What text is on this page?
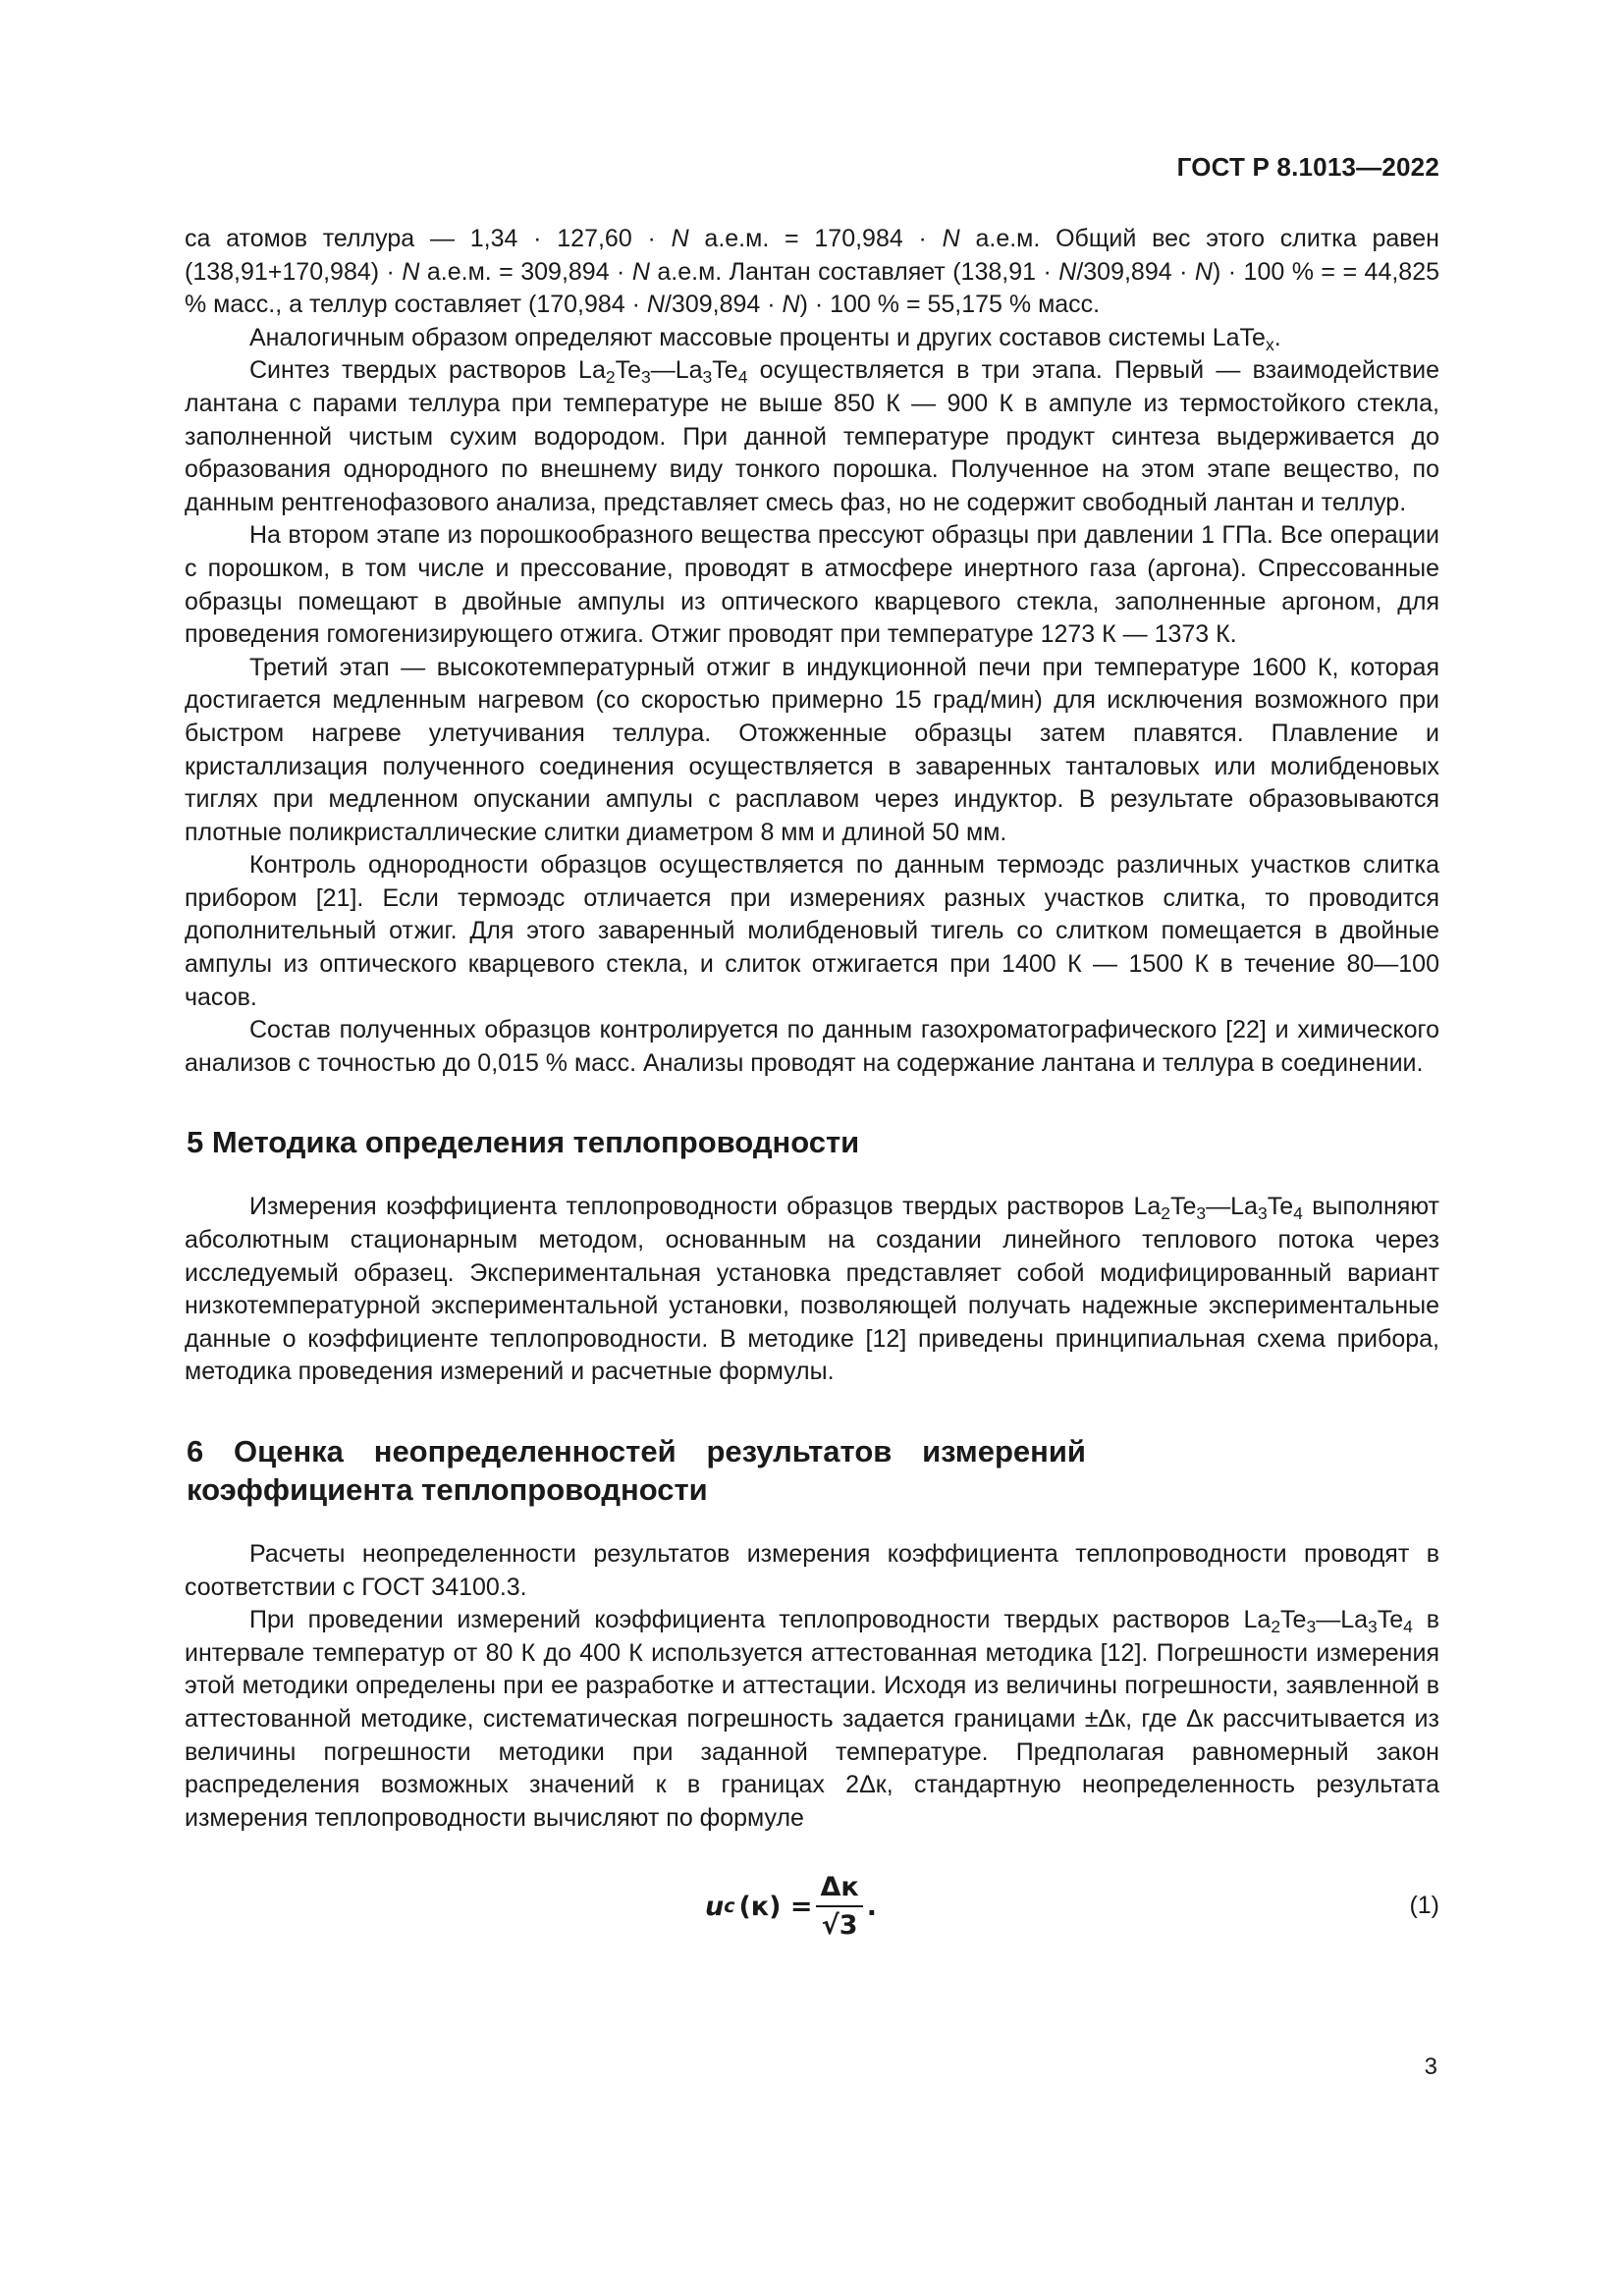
ГОСТ Р 8.1013—2022

са атомов теллура — 1,34 · 127,60 · N а.е.м. = 170,984 · N а.е.м. Общий вес этого слитка равен (138,91+170,984) · N а.е.м. = 309,894 · N а.е.м. Лантан составляет (138,91 · N/309,894 · N) · 100 % = = 44,825 % масс., а теллур составляет (170,984 · N/309,894 · N) · 100 % = 55,175 % масс.

Аналогичным образом определяют массовые проценты и других составов системы LaTe$_x$.

Синтез твердых растворов $La_2Te_3—La_3Te_4$ осуществляется в три этапа. Первый — взаимодействие лантана с парами теллура при температуре не выше 850 К — 900 К в ампуле из термостойкого стекла, заполненной чистым сухим водородом. При данной температуре продукт синтеза выдерживается до образования однородного по внешнему виду тонкого порошка. Полученное на этом этапе вещество, по данным рентгенофазового анализа, представляет смесь фаз, но не содержит свободный лантан и теллур.

На втором этапе из порошкообразного вещества прессуют образцы при давлении 1 ГПа. Все операции с порошком, в том числе и прессование, проводят в атмосфере инертного газа (аргона). Спрессованные образцы помещают в двойные ампулы из оптического кварцевого стекла, заполненные аргоном, для проведения гомогенизирующего отжига. Отжиг проводят при температуре 1273 К — 1373 К.

Третий этап — высокотемпературный отжиг в индукционной печи при температуре 1600 К, которая достигается медленным нагревом (со скоростью примерно 15 град/мин) для исключения возможного при быстром нагреве улетучивания теллура. Отожженные образцы затем плавятся. Плавление и кристаллизация полученного соединения осуществляется в заваренных танталовых или молибденовых тиглях при медленном опускании ампулы с расплавом через индуктор. В результате образовываются плотные поликристаллические слитки диаметром 8 мм и длиной 50 мм.

Контроль однородности образцов осуществляется по данным термоэдс различных участков слитка прибором [21]. Если термоэдс отличается при измерениях разных участков слитка, то проводится дополнительный отжиг. Для этого заваренный молибденовый тигель со слитком помещается в двойные ампулы из оптического кварцевого стекла, и слиток отжигается при 1400 К — 1500 К в течение 80—100 часов.

Состав полученных образцов контролируется по данным газохроматографического [22] и химического анализов с точностью до 0,015 % масс. Анализы проводят на содержание лантана и теллура в соединении.

5 Методика определения теплопроводности

Измерения коэффициента теплопроводности образцов твердых растворов $La_2Te_3—La_3Te_4$ выполняют абсолютным стационарным методом, основанным на создании линейного теплового потока через исследуемый образец. Экспериментальная установка представляет собой модифицированный вариант низкотемпературной экспериментальной установки, позволяющей получать надежные экспериментальные данные о коэффициенте теплопроводности. В методике [12] приведены принципиальная схема прибора, методика проведения измерений и расчетные формулы.

6 Оценка неопределенностей результатов измерений коэффициента теплопроводности

Расчеты неопределенности результатов измерения коэффициента теплопроводности проводят в соответствии с ГОСТ 34100.3.

При проведении измерений коэффициента теплопроводности твердых растворов $La_2Te_3—La_3Te_4$ в интервале температур от 80 К до 400 К используется аттестованная методика [12]. Погрешности измерения этой методики определены при ее разработке и аттестации. Исходя из величины погрешности, заявленной в аттестованной методике, систематическая погрешность задается границами ±Δк, где Δк рассчитывается из величины погрешности методики при заданной температуре. Предполагая равномерный закон распределения возможных значений к в границах 2Δк, стандартную неопределенность результата измерения теплопроводности вычисляют по формуле

u c $(к) = \frac{\Delta к}{√3}$ .	(1)
3
